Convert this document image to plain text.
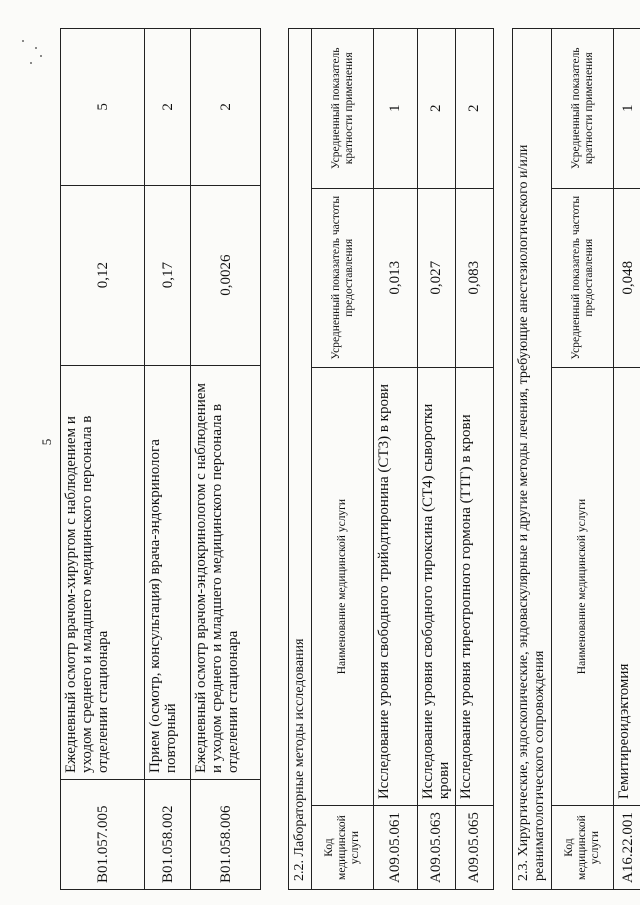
5
B01.057.005	Ежедневный осмотр врачом-хирургом с наблюдением и уходом среднего и младшего медицинского персонала в отделении стационара	0,12	5
B01.058.002	Прием (осмотр, консультация) врача-эндокринолога повторный	0,17	2
B01.058.006	Ежедневный осмотр врачом-эндокринологом с наблюдением и уходом среднего и младшего медицинского персонала в отделении стационара	0,0026	2
2.2. Лабораторные методы исследования			
Код медицинской услуги	Наименование медицинской услуги	Усредненный показатель частоты предоставления	Усредненный показатель кратности применения
A09.05.061	Исследование уровня свободного трийодтиронина (СТ3) в крови	0,013	1
A09.05.063	Исследование уровня свободного тироксина (СТ4) сыворотки крови	0,027	2
A09.05.065	Исследование уровня тиреотропного гормона (ТТГ) в крови	0,083	2
2.3. Хирургические, эндоскопические, эндоваскулярные и другие методы лечения, требующие анестезиологического и/или реаниматологического сопровождения			
Код медицинской услуги	Наименование медицинской услуги	Усредненный показатель частоты предоставления	Усредненный показатель кратности применения
A16.22.001	Гемитиреоидэктомия	0,048	1
